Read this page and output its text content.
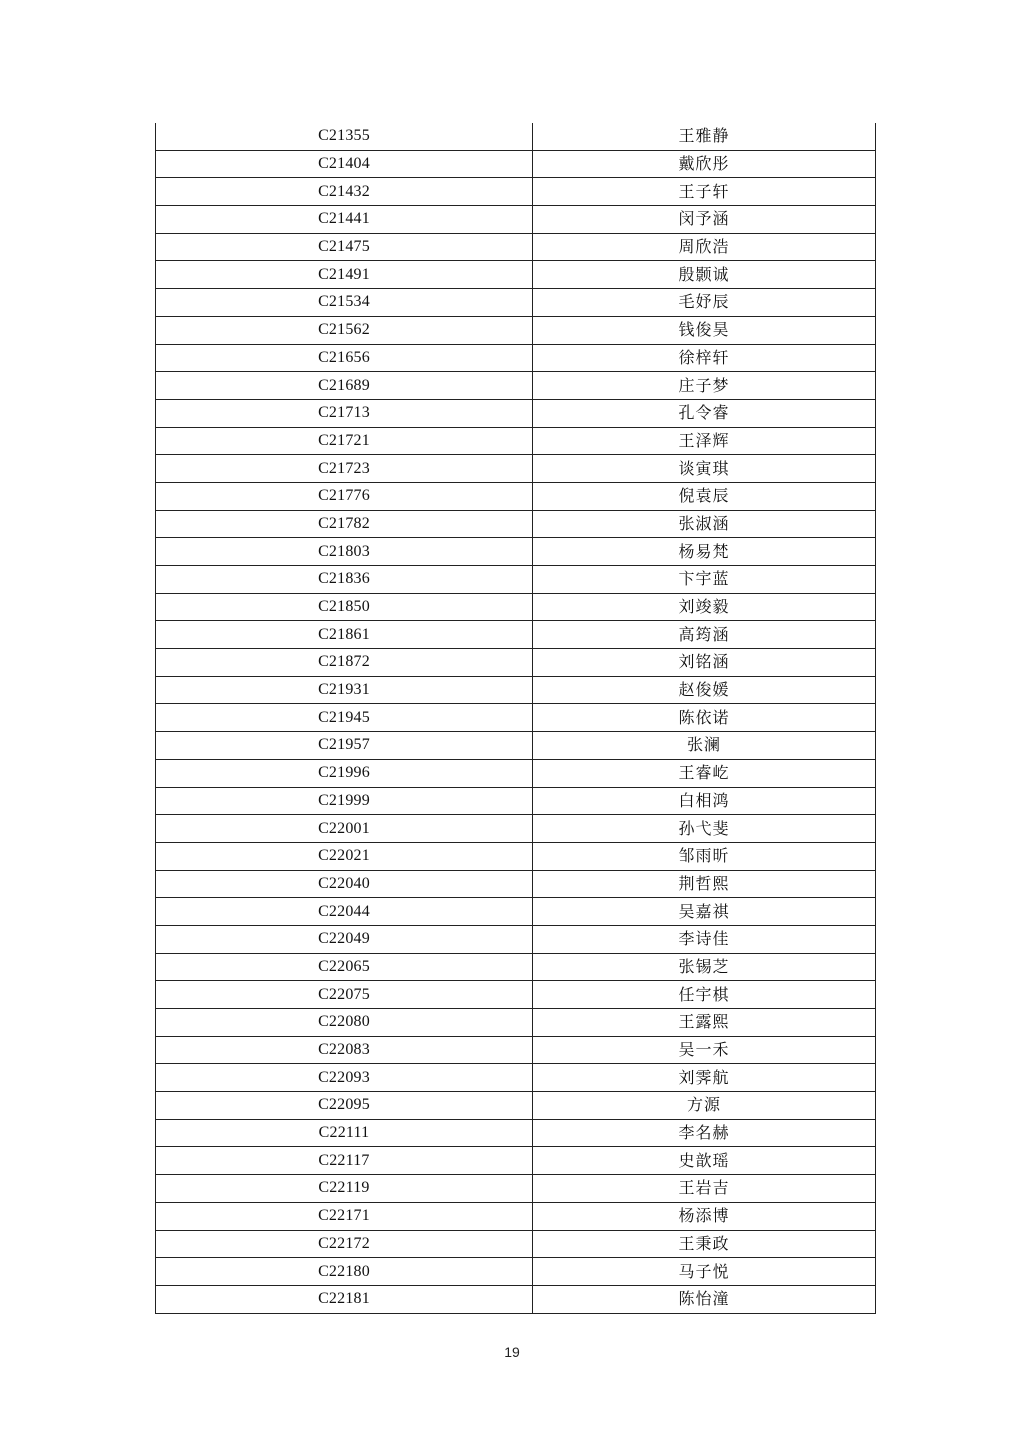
C21355	王雅静
C21404	戴欣彤
C21432	王子轩
C21441	闵予涵
C21475	周欣浩
C21491	殷颢诚
C21534	毛妤辰
C21562	钱俊昊
C21656	徐梓轩
C21689	庄子梦
C21713	孔令睿
C21721	王泽辉
C21723	谈寅琪
C21776	倪袁辰
C21782	张淑涵
C21803	杨易梵
C21836	卞宇蓝
C21850	刘竣毅
C21861	高筠涵
C21872	刘铭涵
C21931	赵俊媛
C21945	陈依诺
C21957	张澜
C21996	王睿屹
C21999	白相鸿
C22001	孙弋斐
C22021	邹雨昕
C22040	荆哲熙
C22044	吴嘉祺
C22049	李诗佳
C22065	张锡芝
C22075	任宇棋
C22080	王露熙
C22083	吴一禾
C22093	刘霁航
C22095	方源
C22111	李名赫
C22117	史歆瑶
C22119	王岩吉
C22171	杨添博
C22172	王秉政
C22180	马子悦
C22181	陈怡潼
19
